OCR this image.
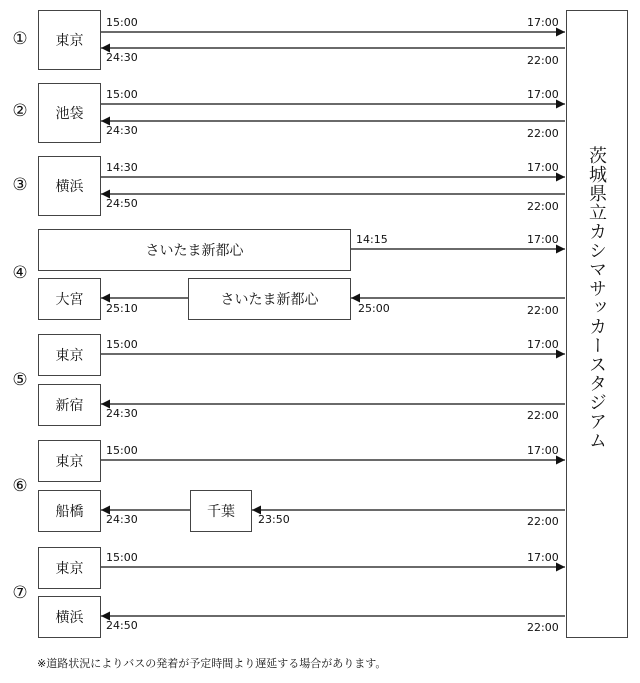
茨城県立カシマサッカースタジアム
①	東京
15:00	17:00
24:30	22:00
②	池袋
15:00	17:00
24:30	22:00
③	横浜
14:30	17:00
24:50	22:00
④
さいたま新都心
14:15	17:00
大宮	さいたま新都心
25:10	25:00	22:00
⑤
東京
15:00	17:00
新宿	24:30	22:00
⑥
東京
15:00	17:00
船橋	千葉
24:30	23:50	22:00
⑦
東京
15:00	17:00
横浜	24:50	22:00
※道路状況によりバスの発着が予定時間より遅延する場合があります。
